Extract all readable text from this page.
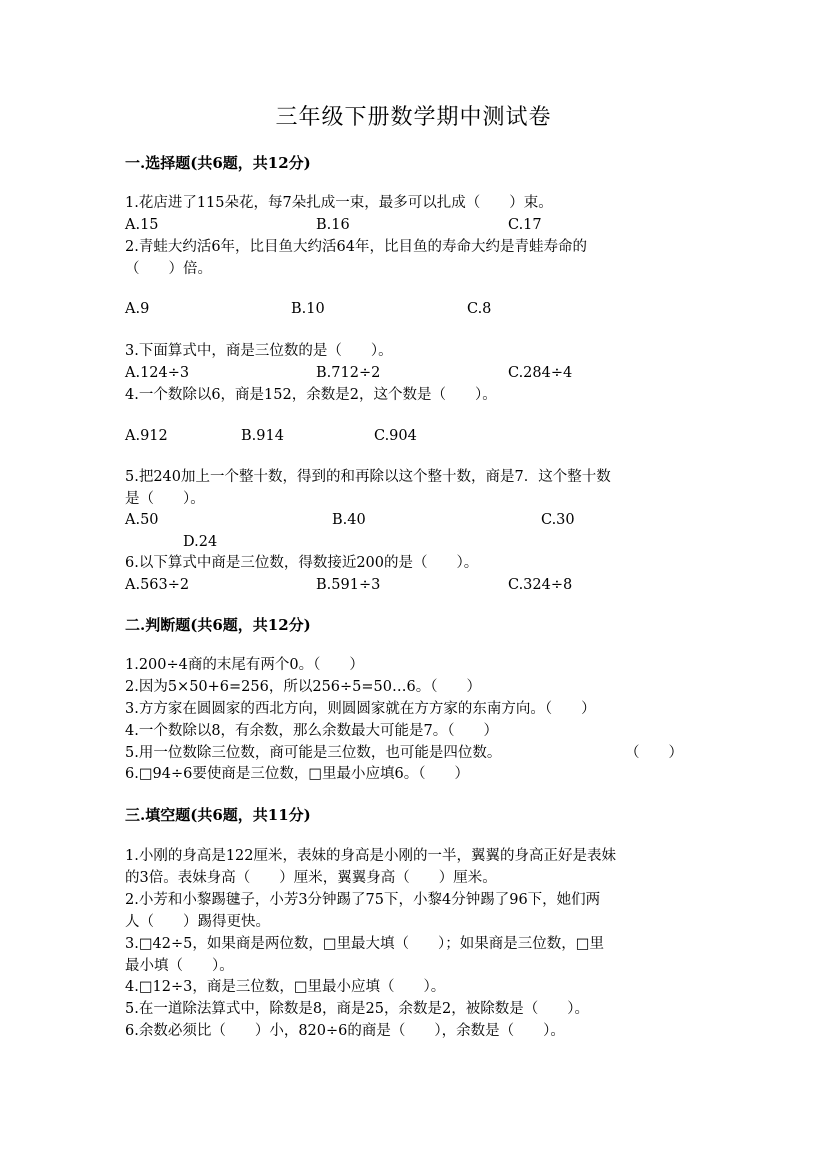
三年级下册数学期中测试卷
一.选择题(共6题，共12分)
1.花店进了115朵花，每7朵扎成一束，最多可以扎成（　　）束。
A.15	B.16	C.17
2.青蛙大约活6年，比目鱼大约活64年，比目鱼的寿命大约是青蛙寿命的
（　　）倍。
A.9	B.10	C.8
3.下面算式中，商是三位数的是（　　）。
A.124÷3	B.712÷2	C.284÷4
4.一个数除以6，商是152，余数是2，这个数是（　　）。
A.912	B.914	C.904
5.把240加上一个整十数，得到的和再除以这个整十数，商是7．这个整十数
是（　　）。
A.50	B.40	C.30
D.24
6.以下算式中商是三位数，得数接近200的是（　　）。
A.563÷2	B.591÷3	C.324÷8
二.判断题(共6题，共12分)
1.200÷4商的末尾有两个0。（　　）
2.因为5×50+6=256，所以256÷5=50…6。（　　）
3.方方家在圆圆家的西北方向，则圆圆家就在方方家的东南方向。（　　）
4.一个数除以8，有余数，那么余数最大可能是7。（　　）
5.用一位数除三位数，商可能是三位数，也可能是四位数。	（　　）
6.□94÷6要使商是三位数，□里最小应填6。（　　）
三.填空题(共6题，共11分)
1.小刚的身高是122厘米，表妹的身高是小刚的一半，翼翼的身高正好是表妹
的3倍。表妹身高（　　）厘米，翼翼身高（　　）厘米。
2.小芳和小黎踢毽子，小芳3分钟踢了75下，小黎4分钟踢了96下，她们两
人（　　）踢得更快。
3.□42÷5，如果商是两位数，□里最大填（　　）；如果商是三位数，□里
最小填（　　）。
4.□12÷3，商是三位数，□里最小应填（　　）。
5.在一道除法算式中，除数是8，商是25，余数是2，被除数是（　　）。
6.余数必须比（　　）小，820÷6的商是（　　），余数是（　　）。
